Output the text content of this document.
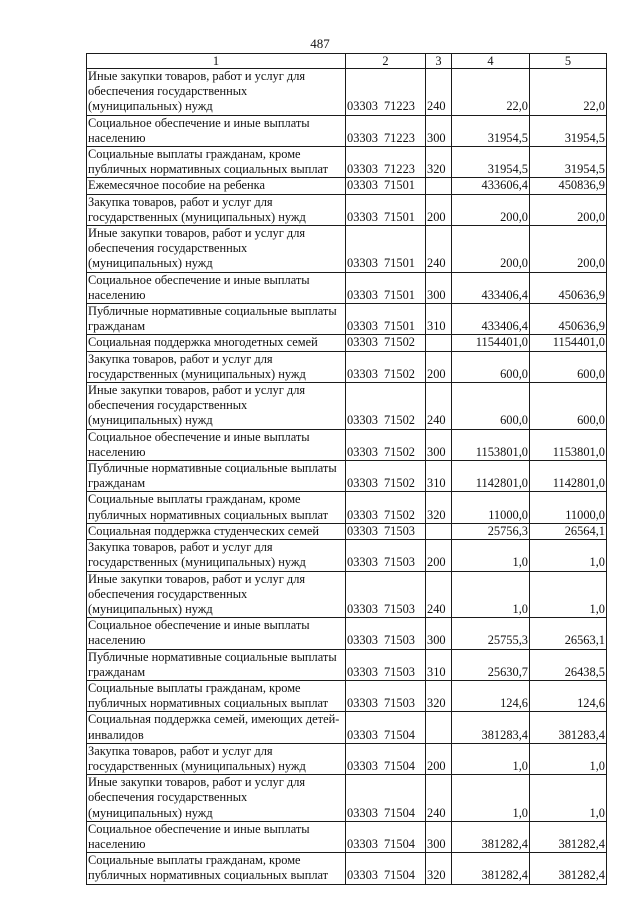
487
1	2	3	4	5
Иные закупки товаров, работ и услуг для обеспечения государственных (муниципальных) нужд	03303 71223	240	22,0	22,0
Социальное обеспечение и иные выплаты населению	03303 71223	300	31954,5	31954,5
Социальные выплаты гражданам, кроме публичных нормативных социальных выплат	03303 71223	320	31954,5	31954,5
Ежемесячное пособие на ребенка	03303 71501		433606,4	450836,9
Закупка товаров, работ и услуг для государственных (муниципальных) нужд	03303 71501	200	200,0	200,0
Иные закупки товаров, работ и услуг для обеспечения государственных (муниципальных) нужд	03303 71501	240	200,0	200,0
Социальное обеспечение и иные выплаты населению	03303 71501	300	433406,4	450636,9
Публичные нормативные социальные выплаты гражданам	03303 71501	310	433406,4	450636,9
Социальная поддержка многодетных семей	03303 71502		1154401,0	1154401,0
Закупка товаров, работ и услуг для государственных (муниципальных) нужд	03303 71502	200	600,0	600,0
Иные закупки товаров, работ и услуг для обеспечения государственных (муниципальных) нужд	03303 71502	240	600,0	600,0
Социальное обеспечение и иные выплаты населению	03303 71502	300	1153801,0	1153801,0
Публичные нормативные социальные выплаты гражданам	03303 71502	310	1142801,0	1142801,0
Социальные выплаты гражданам, кроме публичных нормативных социальных выплат	03303 71502	320	11000,0	11000,0
Социальная поддержка студенческих семей	03303 71503		25756,3	26564,1
Закупка товаров, работ и услуг для государственных (муниципальных) нужд	03303 71503	200	1,0	1,0
Иные закупки товаров, работ и услуг для обеспечения государственных (муниципальных) нужд	03303 71503	240	1,0	1,0
Социальное обеспечение и иные выплаты населению	03303 71503	300	25755,3	26563,1
Публичные нормативные социальные выплаты гражданам	03303 71503	310	25630,7	26438,5
Социальные выплаты гражданам, кроме публичных нормативных социальных выплат	03303 71503	320	124,6	124,6
Социальная поддержка семей, имеющих детей-инвалидов	03303 71504		381283,4	381283,4
Закупка товаров, работ и услуг для государственных (муниципальных) нужд	03303 71504	200	1,0	1,0
Иные закупки товаров, работ и услуг для обеспечения государственных (муниципальных) нужд	03303 71504	240	1,0	1,0
Социальное обеспечение и иные выплаты населению	03303 71504	300	381282,4	381282,4
Социальные выплаты гражданам, кроме публичных нормативных социальных выплат	03303 71504	320	381282,4	381282,4
